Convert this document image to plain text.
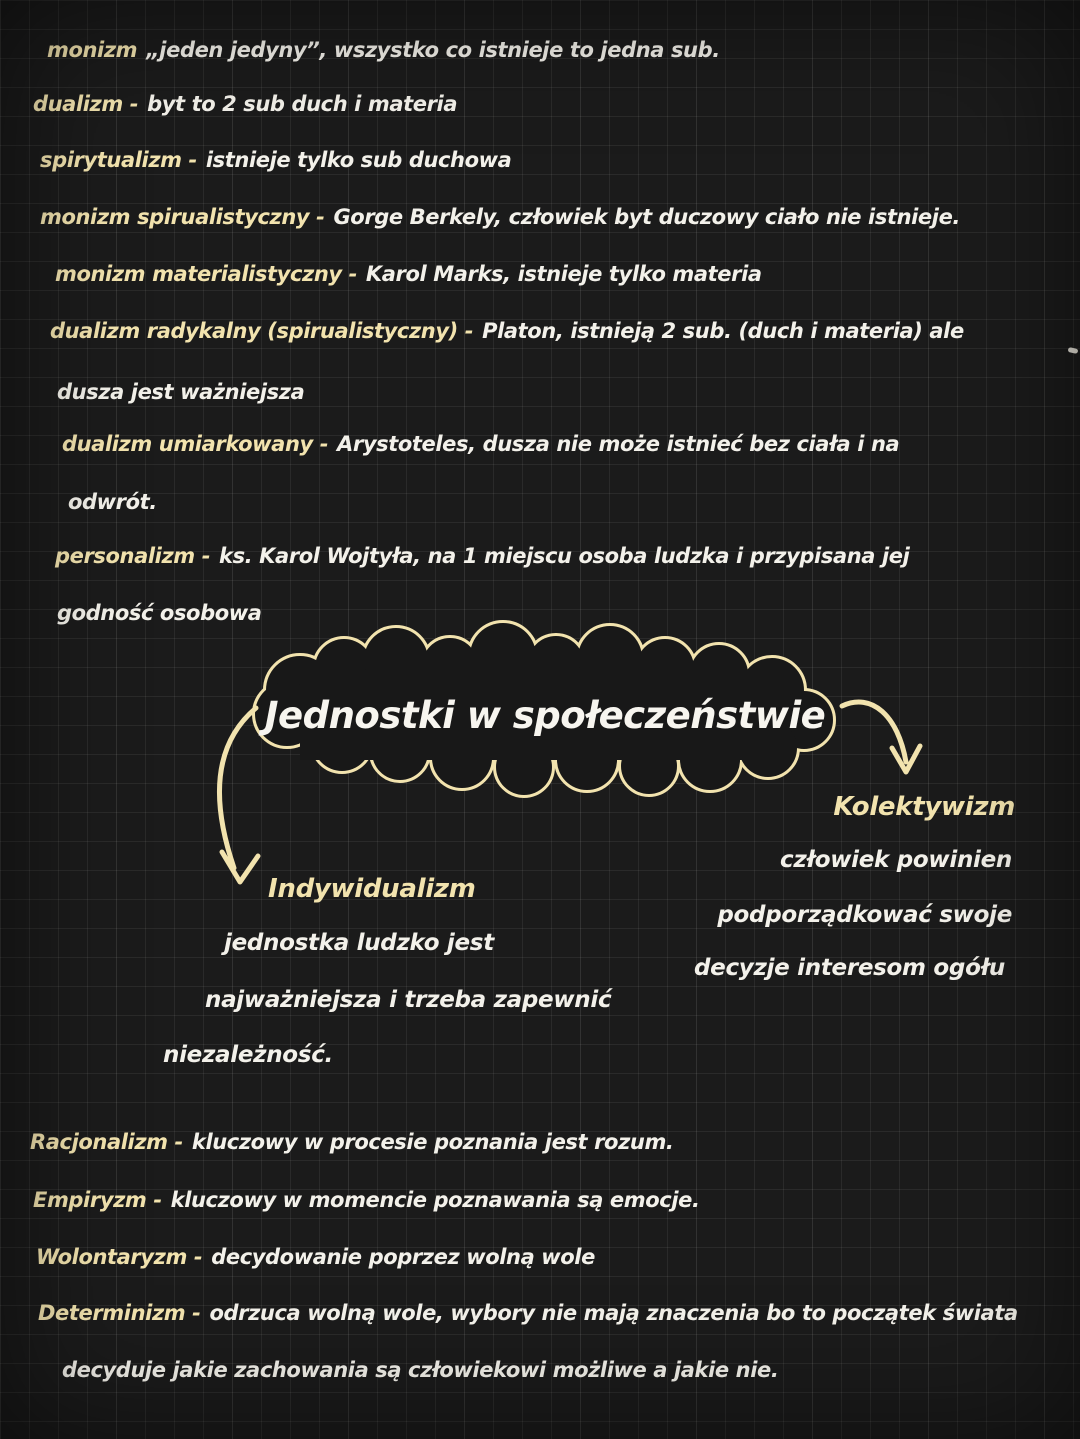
monizm „jeden jedyny”, wszystko co istnieje to jedna sub.
dualizm - byt to 2 sub duch i materia
spirytualizm - istnieje tylko sub duchowa
monizm spirualistyczny - Gorge Berkely, człowiek byt duczowy ciało nie istnieje.
monizm materialistyczny - Karol Marks, istnieje tylko materia
dualizm radykalny (spirualistyczny) - Platon, istnieją 2 sub. (duch i materia) ale
dusza jest ważniejsza
dualizm umiarkowany - Arystoteles, dusza nie może istnieć bez ciała i na
odwrót.
personalizm - ks. Karol Wojtyła, na 1 miejscu osoba ludzka i przypisana jej
godność osobowa
Jednostki w społeczeństwie
Indywidualizm
jednostka ludzko jest
najważniejsza i trzeba zapewnić
niezależność.
Kolektywizm
człowiek powinien
podporządkować swoje
decyzje interesom ogółu
Racjonalizm - kluczowy w procesie poznania jest rozum.
Empiryzm - kluczowy w momencie poznawania są emocje.
Wolontaryzm - decydowanie poprzez wolną wole
Determinizm - odrzuca wolną wole, wybory nie mają znaczenia bo to początek świata
decyduje jakie zachowania są człowiekowi możliwe a jakie nie.
